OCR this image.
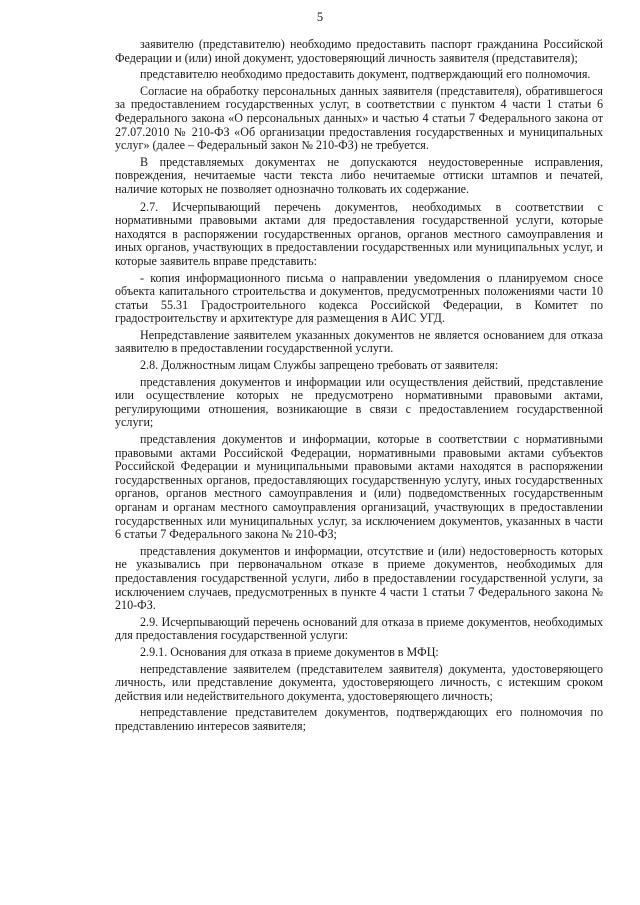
5

заявителю (представителю) необходимо предоставить паспорт гражданина Российской Федерации и (или) иной документ, удостоверяющий личность заявителя (представителя);

представителю необходимо предоставить документ, подтверждающий его полномочия.

Согласие на обработку персональных данных заявителя (представителя), обратившегося за предоставлением государственных услуг, в соответствии с пунктом 4 части 1 статьи 6 Федерального закона «О персональных данных» и частью 4 статьи 7 Федерального закона от 27.07.2010 № 210-ФЗ «Об организации предоставления государственных и муниципальных услуг» (далее – Федеральный закон № 210-ФЗ) не требуется.

В представляемых документах не допускаются неудостоверенные исправления, повреждения, нечитаемые части текста либо нечитаемые оттиски штампов и печатей, наличие которых не позволяет однозначно толковать их содержание.

2.7. Исчерпывающий перечень документов, необходимых в соответствии с нормативными правовыми актами для предоставления государственной услуги, которые находятся в распоряжении государственных органов, органов местного самоуправления и иных органов, участвующих в предоставлении государственных или муниципальных услуг, и которые заявитель вправе представить:

- копия информационного письма о направлении уведомления о планируемом сносе объекта капитального строительства и документов, предусмотренных положениями части 10 статьи 55.31 Градостроительного кодекса Российской Федерации, в Комитет по градостроительству и архитектуре для размещения в АИС УГД.

Непредставление заявителем указанных документов не является основанием для отказа заявителю в предоставлении государственной услуги.

2.8. Должностным лицам Службы запрещено требовать от заявителя:

представления документов и информации или осуществления действий, представление или осуществление которых не предусмотрено нормативными правовыми актами, регулирующими отношения, возникающие в связи с предоставлением государственной услуги;

представления документов и информации, которые в соответствии с нормативными правовыми актами Российской Федерации, нормативными правовыми актами субъектов Российской Федерации и муниципальными правовыми актами находятся в распоряжении государственных органов, предоставляющих государственную услугу, иных государственных органов, органов местного самоуправления и (или) подведомственных государственным органам и органам местного самоуправления организаций, участвующих в предоставлении государственных или муниципальных услуг, за исключением документов, указанных в части 6 статьи 7 Федерального закона № 210-ФЗ;

представления документов и информации, отсутствие и (или) недостоверность которых не указывались при первоначальном отказе в приеме документов, необходимых для предоставления государственной услуги, либо в предоставлении государственной услуги, за исключением случаев, предусмотренных в пункте 4 части 1 статьи 7 Федерального закона № 210-ФЗ.

2.9. Исчерпывающий перечень оснований для отказа в приеме документов, необходимых для предоставления государственной услуги:

2.9.1. Основания для отказа в приеме документов в МФЦ:

непредставление заявителем (представителем заявителя) документа, удостоверяющего личность, или представление документа, удостоверяющего личность, с истекшим сроком действия или недействительного документа, удостоверяющего личность;

непредставление представителем документов, подтверждающих его полномочия по представлению интересов заявителя;
